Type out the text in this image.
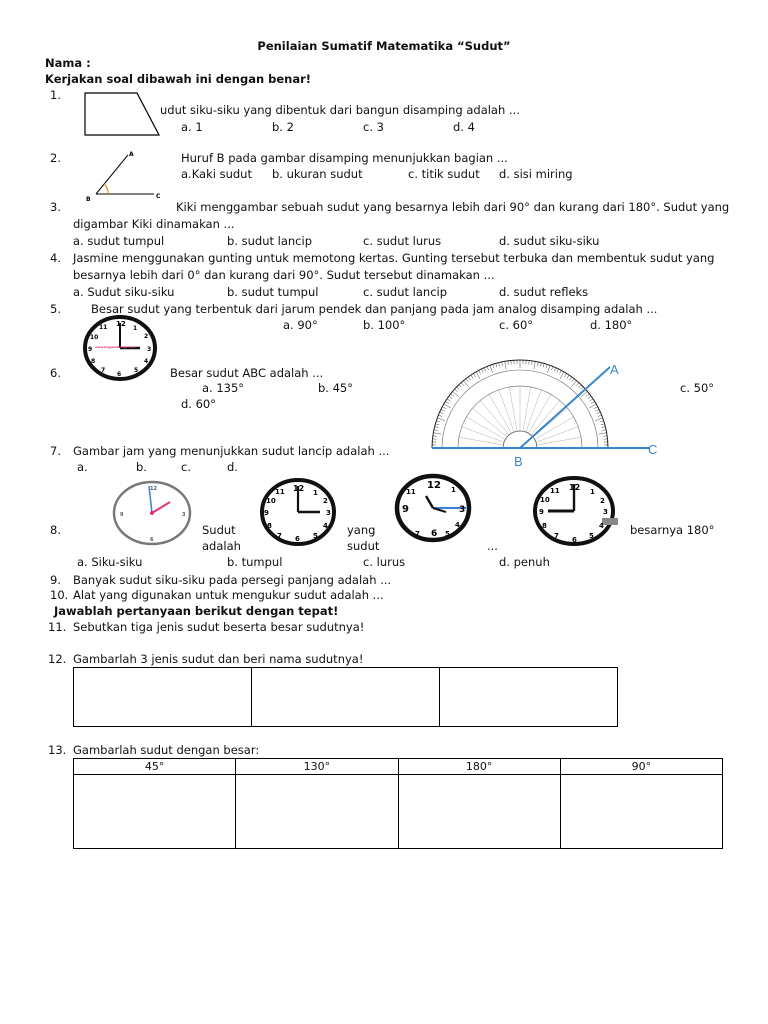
Penilaian Sumatif Matematika “Sudut”
Nama :
Kerjakan soal dibawah ini dengan benar!
1.
udut siku-siku yang dibentuk dari bangun disamping adalah ...
a. 1	b. 2	c. 3	d. 4
2.	A
B	C
Huruf B pada gambar disamping menunjukkan bagian ...
a.Kaki sudut b. ukuran sudut	c. titik sudut d. sisi miring
3.	Kiki menggambar sebuah sudut yang besarnya lebih dari 90° dan kurang dari 180°. Sudut yang
digambar Kiki dinamakan ...
a. sudut tumpul	b. sudut lancip	c. sudut lurus	d. sudut siku-siku
4. Jasmine menggunakan gunting untuk memotong kertas. Gunting tersebut terbuka dan membentuk sudut yang
besarnya lebih dari 0° dan kurang dari 90°. Sudut tersebut dinamakan ...
a. Sudut siku-siku	b. sudut tumpul	c. sudut lancip	d. sudut refleks
5.	Besar sudut yang terbentuk dari jarum pendek dan panjang pada jam analog disamping adalah ...
www.bigglesthings.com
12
1
2
3
4
5
6
7
8
9
10
11	a. 90°	b. 100°	c. 60°	d. 180°
6.	Besar sudut ABC adalah ...
a. 135°	b. 45°	c. 50°
d. 60°
A
B
C
7. Gambar jam yang menunjukkan sudut lancip adalah ...
a.	b.	c.	d.
9	3
12
6
12 1
2
3
4
5
6
7
8
9
10
11
12
9	3
6
11	1
4
5
7
12 1
2
3
4
5
6
7
8
9
10
11
8.	Sudut
adalah
yang
sudut	...
besarnya 180°
a. Siku-siku	b. tumpul	c. lurus	d. penuh
9. Banyak sudut siku-siku pada persegi panjang adalah ...
10. Alat yang digunakan untuk mengukur sudut adalah ...
Jawablah pertanyaan berikut dengan tepat!
11. Sebutkan tiga jenis sudut beserta besar sudutnya!
12. Gambarlah 3 jenis sudut dan beri nama sudutnya!

13. Gambarlah sudut dengan besar:
45°	130°	180°	90°
